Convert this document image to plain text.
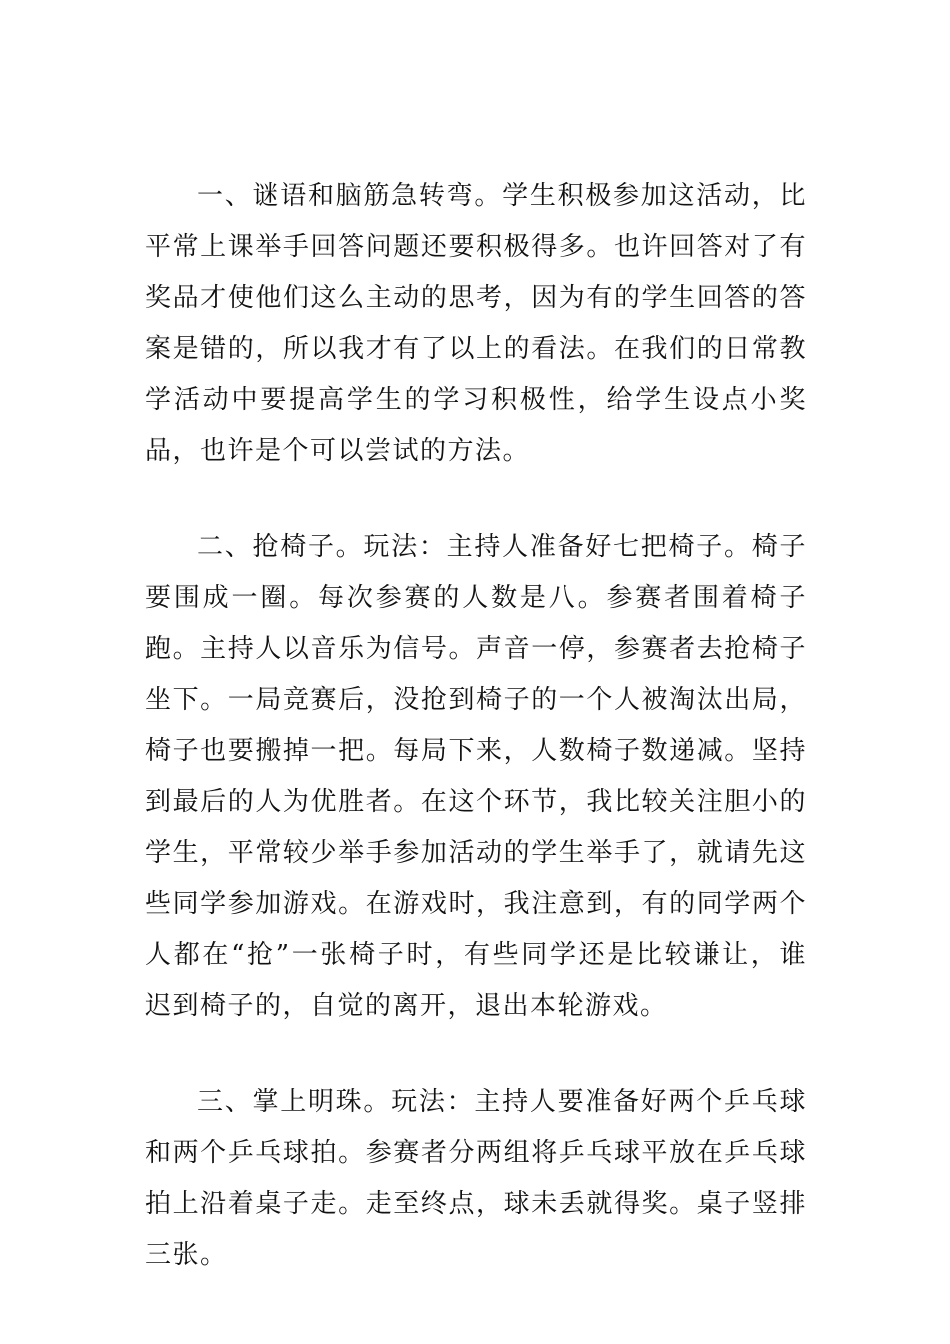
一、谜语和脑筋急转弯。学生积极参加这活动，比平常上课举手回答问题还要积极得多。也许回答对了有奖品才使他们这么主动的思考，因为有的学生回答的答案是错的，所以我才有了以上的看法。在我们的日常教学活动中要提高学生的学习积极性，给学生设点小奖品，也许是个可以尝试的方法。

二、抢椅子。玩法：主持人准备好七把椅子。椅子要围成一圈。每次参赛的人数是八。参赛者围着椅子跑。主持人以音乐为信号。声音一停，参赛者去抢椅子坐下。一局竞赛后，没抢到椅子的一个人被淘汰出局，椅子也要搬掉一把。每局下来，人数椅子数递减。坚持到最后的人为优胜者。在这个环节，我比较关注胆小的学生，平常较少举手参加活动的学生举手了，就请先这些同学参加游戏。在游戏时，我注意到，有的同学两个人都在“抢”一张椅子时，有些同学还是比较谦让，谁迟到椅子的，自觉的离开，退出本轮游戏。

三、掌上明珠。玩法：主持人要准备好两个乒乓球和两个乒乓球拍。参赛者分两组将乒乓球平放在乒乓球拍上沿着桌子走。走至终点，球未丢就得奖。桌子竖排三张。
